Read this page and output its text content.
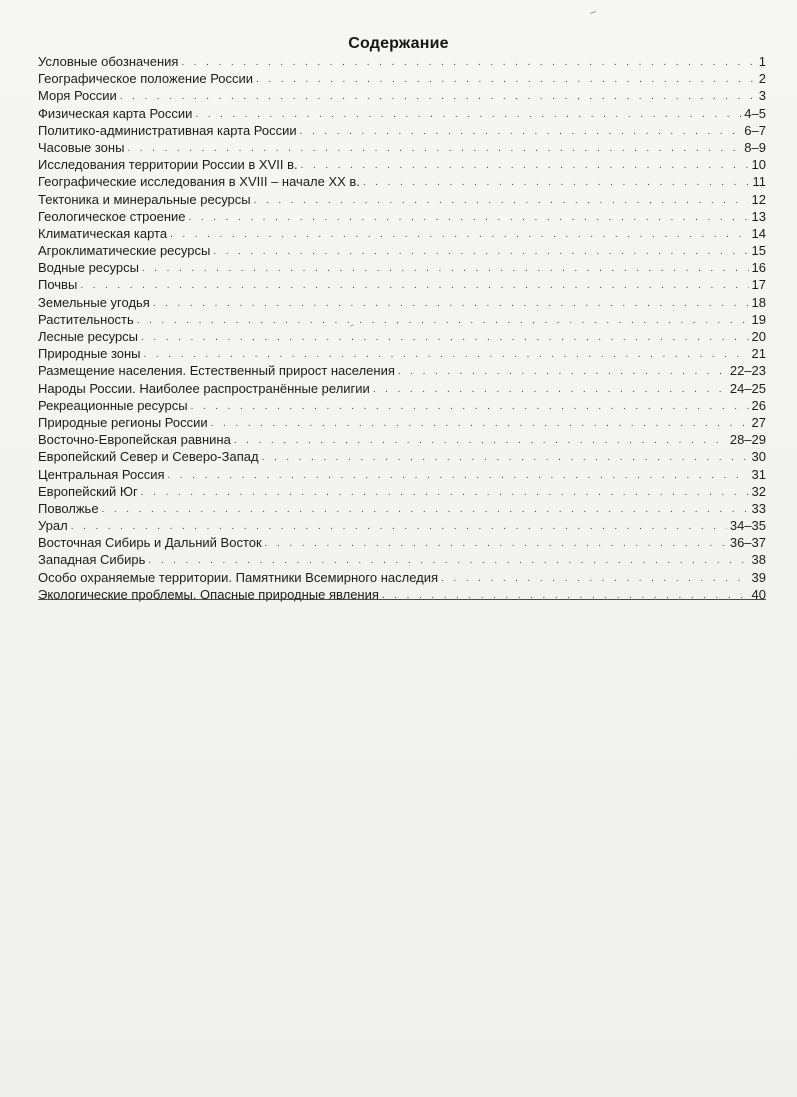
Содержание
Условные обозначения . . .	1
Географическое положение России . . .	2
Моря России . . .	3
Физическая карта России . . .	4–5
Политико-административная карта России . . .	6–7
Часовые зоны . . .	8–9
Исследования территории России в XVII в. . . .	10
Географические исследования в XVIII – начале XX в. . . .	11
Тектоника и минеральные ресурсы . . .	12
Геологическое строение . . .	13
Климатическая карта . . .	14
Агроклиматические ресурсы . . .	15
Водные ресурсы . . .	16
Почвы . . .	17
Земельные угодья . . .	18
Растительность . . .	19
Лесные ресурсы . . .	20
Природные зоны . . .	21
Размещение населения. Естественный прирост населения . . .	22–23
Народы России. Наиболее распространённые религии . . .	24–25
Рекреационные ресурсы . . .	26
Природные регионы России . . .	27
Восточно-Европейская равнина . . .	28–29
Европейский Север и Северо-Запад . . .	30
Центральная Россия . . .	31
Европейский Юг . . .	32
Поволжье . . .	33
Урал . . .	34–35
Восточная Сибирь и Дальний Восток . . .	36–37
Западная Сибирь . . .	38
Особо охраняемые территории. Памятники Всемирного наследия . . .	39
Экологические проблемы. Опасные природные явления . . .	40
